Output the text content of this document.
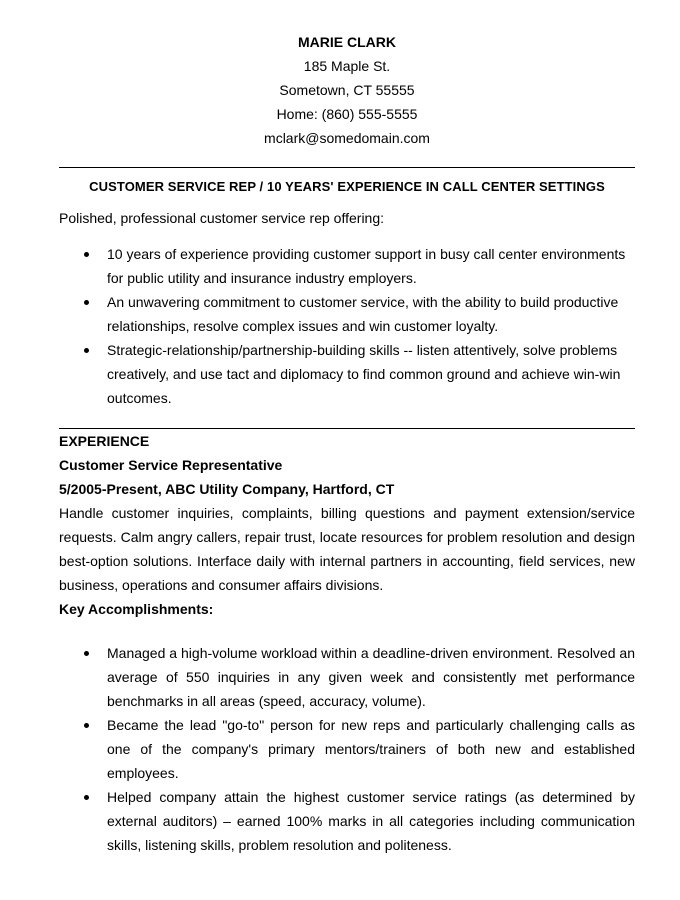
MARIE CLARK
185 Maple St.
Sometown, CT 55555
Home: (860) 555-5555
mclark@somedomain.com
CUSTOMER SERVICE REP / 10 YEARS' EXPERIENCE IN CALL CENTER SETTINGS

Polished, professional customer service rep offering:

10 years of experience providing customer support in busy call center environments for public utility and insurance industry employers.
An unwavering commitment to customer service, with the ability to build productive relationships, resolve complex issues and win customer loyalty.
Strategic-relationship/partnership-building skills -- listen attentively, solve problems creatively, and use tact and diplomacy to find common ground and achieve win-win outcomes.
EXPERIENCE
Customer Service Representative
5/2005-Present, ABC Utility Company, Hartford, CT

Handle customer inquiries, complaints, billing questions and payment extension/service requests. Calm angry callers, repair trust, locate resources for problem resolution and design best-option solutions. Interface daily with internal partners in accounting, field services, new business, operations and consumer affairs divisions.

Key Accomplishments:
Managed a high-volume workload within a deadline-driven environment. Resolved an average of 550 inquiries in any given week and consistently met performance benchmarks in all areas (speed, accuracy, volume).
Became the lead "go-to" person for new reps and particularly challenging calls as one of the company's primary mentors/trainers of both new and established employees.
Helped company attain the highest customer service ratings (as determined by external auditors) – earned 100% marks in all categories including communication skills, listening skills, problem resolution and politeness.
